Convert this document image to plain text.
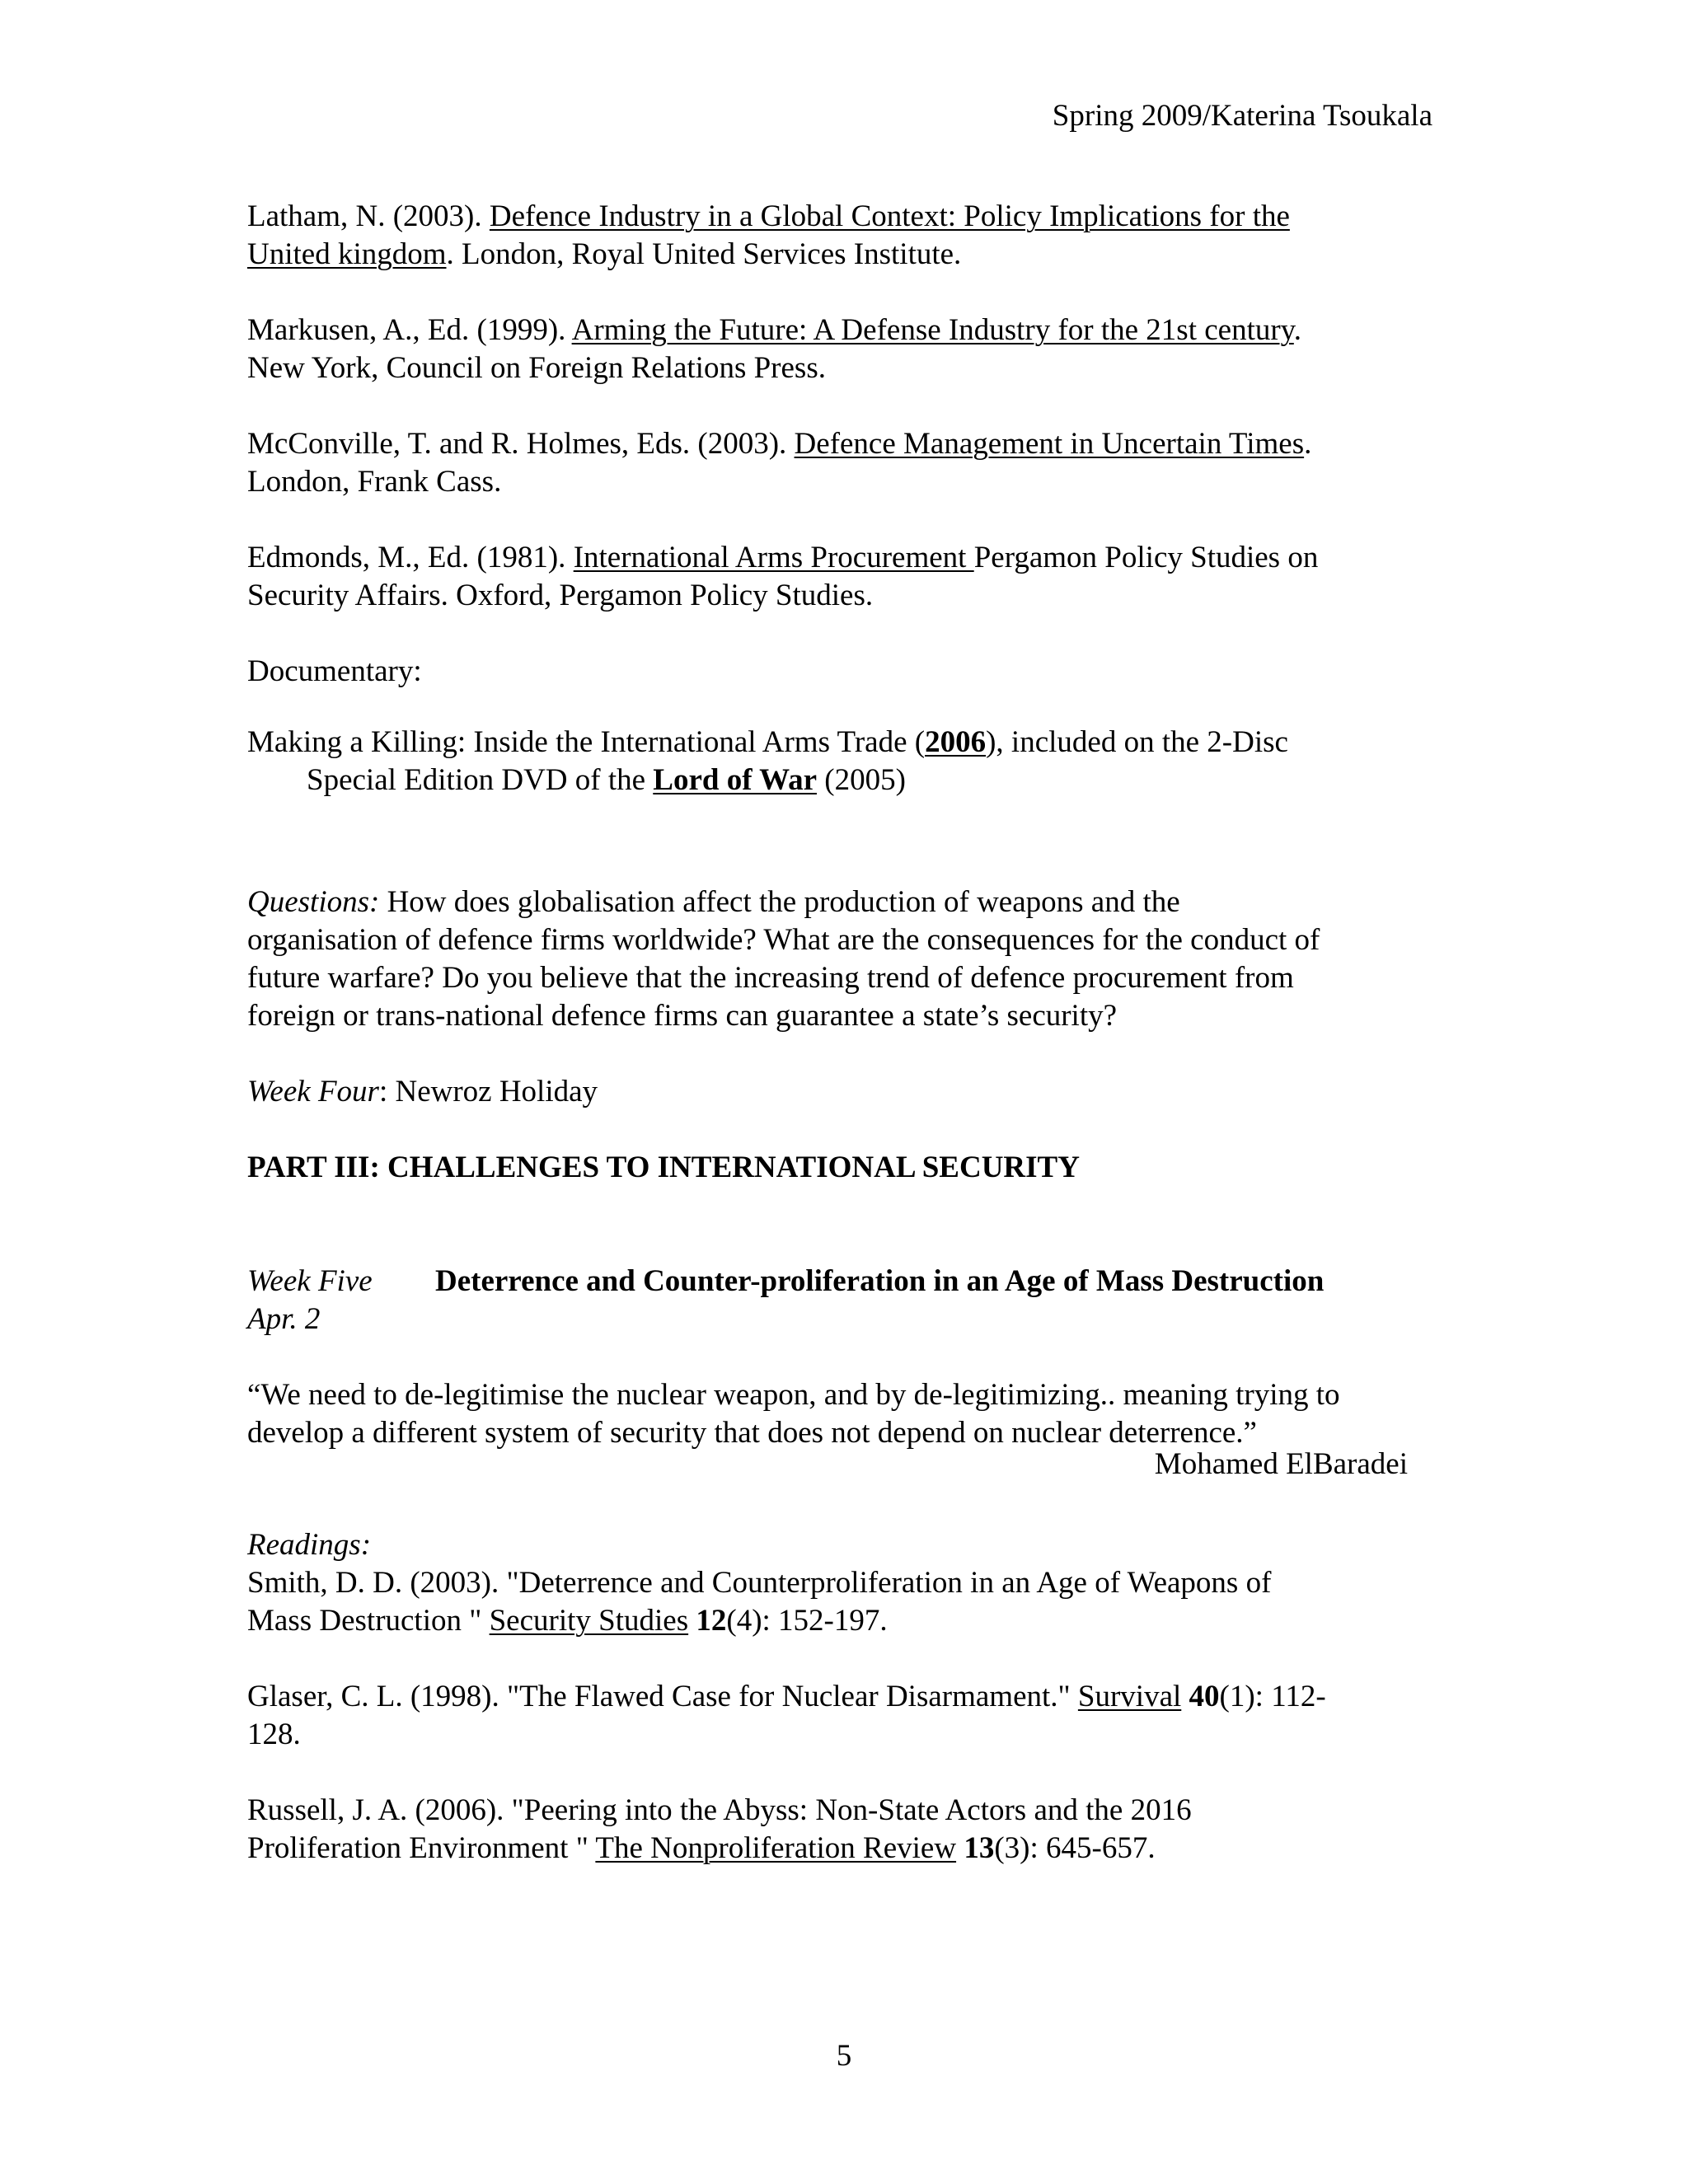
Spring 2009/Katerina Tsoukala
Latham, N. (2003). Defence Industry in a Global Context: Policy Implications for the
United kingdom. London, Royal United Services Institute.
Markusen, A., Ed. (1999). Arming the Future: A Defense Industry for the 21st century.
New York, Council on Foreign Relations Press.
McConville, T. and R. Holmes, Eds. (2003). Defence Management in Uncertain Times.
London, Frank Cass.
Edmonds, M., Ed. (1981). International Arms Procurement Pergamon Policy Studies on
Security Affairs. Oxford, Pergamon Policy Studies.
Documentary:
Making a Killing: Inside the International Arms Trade (2006), included on the 2-Disc
Special Edition DVD of the Lord of War (2005)
Questions: How does globalisation affect the production of weapons and the
organisation of defence firms worldwide? What are the consequences for the conduct of
future warfare? Do you believe that the increasing trend of defence procurement from
foreign or trans-national defence firms can guarantee a state’s security?
Week Four: Newroz Holiday
PART III: CHALLENGES TO INTERNATIONAL SECURITY
Week Five
Apr. 2
Deterrence and Counter-proliferation in an Age of Mass Destruction
“We need to de-legitimise the nuclear weapon, and by de-legitimizing.. meaning trying to
develop a different system of security that does not depend on nuclear deterrence.”
Mohamed ElBaradei
Readings:
Smith, D. D. (2003). "Deterrence and Counterproliferation in an Age of Weapons of
Mass Destruction " Security Studies 12(4): 152-197.
Glaser, C. L. (1998). "The Flawed Case for Nuclear Disarmament." Survival 40(1): 112-
128.
Russell, J. A. (2006). "Peering into the Abyss: Non-State Actors and the 2016
Proliferation Environment " The Nonproliferation Review 13(3): 645-657.
5
